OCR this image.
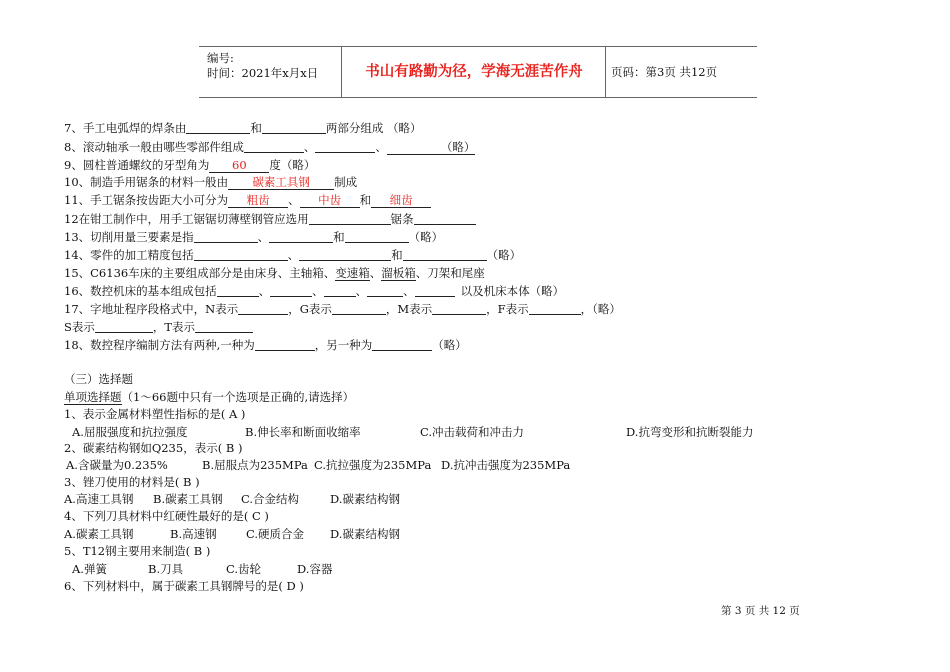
编号:
时间：2021年x月x日	书山有路勤为径，学海无涯苦作舟	页码：第3页 共12页
7、手工电弧焊的焊条由	和	两部分组成 （略）
8、滚动轴承一般由哪些零部件组成	、	、	（略）
9、圆柱普通螺纹的牙型角为 60 度（略）
10、制造手用锯条的材料一般由 碳素工具钢 制成
11、手工锯条按齿距大小可分为 粗齿 、 中齿 和 细齿
12在钳工制作中，用手工锯锯切薄壁钢管应选用	锯条
13、切削用量三要素是指	、	和	（略）
14、零件的加工精度包括	、	和	（略）
15、C6136车床的主要组成部分是由床身、主轴箱、变速箱、溜板箱、刀架和尾座
16、数控机床的基本组成包括	、	、	、	、	以及机床本体（略）
17、字地址程序段格式中，N表示	，G表示	，M表示	，F表示	，（略）
S表示	，T表示
18、数控程序编制方法有两种,一种为	，另一种为	（略）
（三）选择题
单项选择题（1～66题中只有一个选项是正确的,请选择）
1、表示金属材料塑性指标的是( A )
A.屈服强度和抗拉强度	B.伸长率和断面收缩率	C.冲击载荷和冲击力	D.抗弯变形和抗断裂能力
2、碳素结构钢如Q235，表示( B )
A.含碳量为0.235%	B.屈服点为235MPa C.抗拉强度为235MPa D.抗冲击强度为235MPa
3、锉刀使用的材料是( B )
A.高速工具钢 B.碳素工具钢 C.合金结构	D.碳素结构钢
4、下列刀具材料中红硬性最好的是( C )
A.碳素工具钢	B.高速钢	C.硬质合金 D.碳素结构钢
5、T12钢主要用来制造( B )
A.弹簧	B.刀具	C.齿轮	D.容器
6、下列材料中，属于碳素工具钢牌号的是( D )
第 3 页 共 12 页
